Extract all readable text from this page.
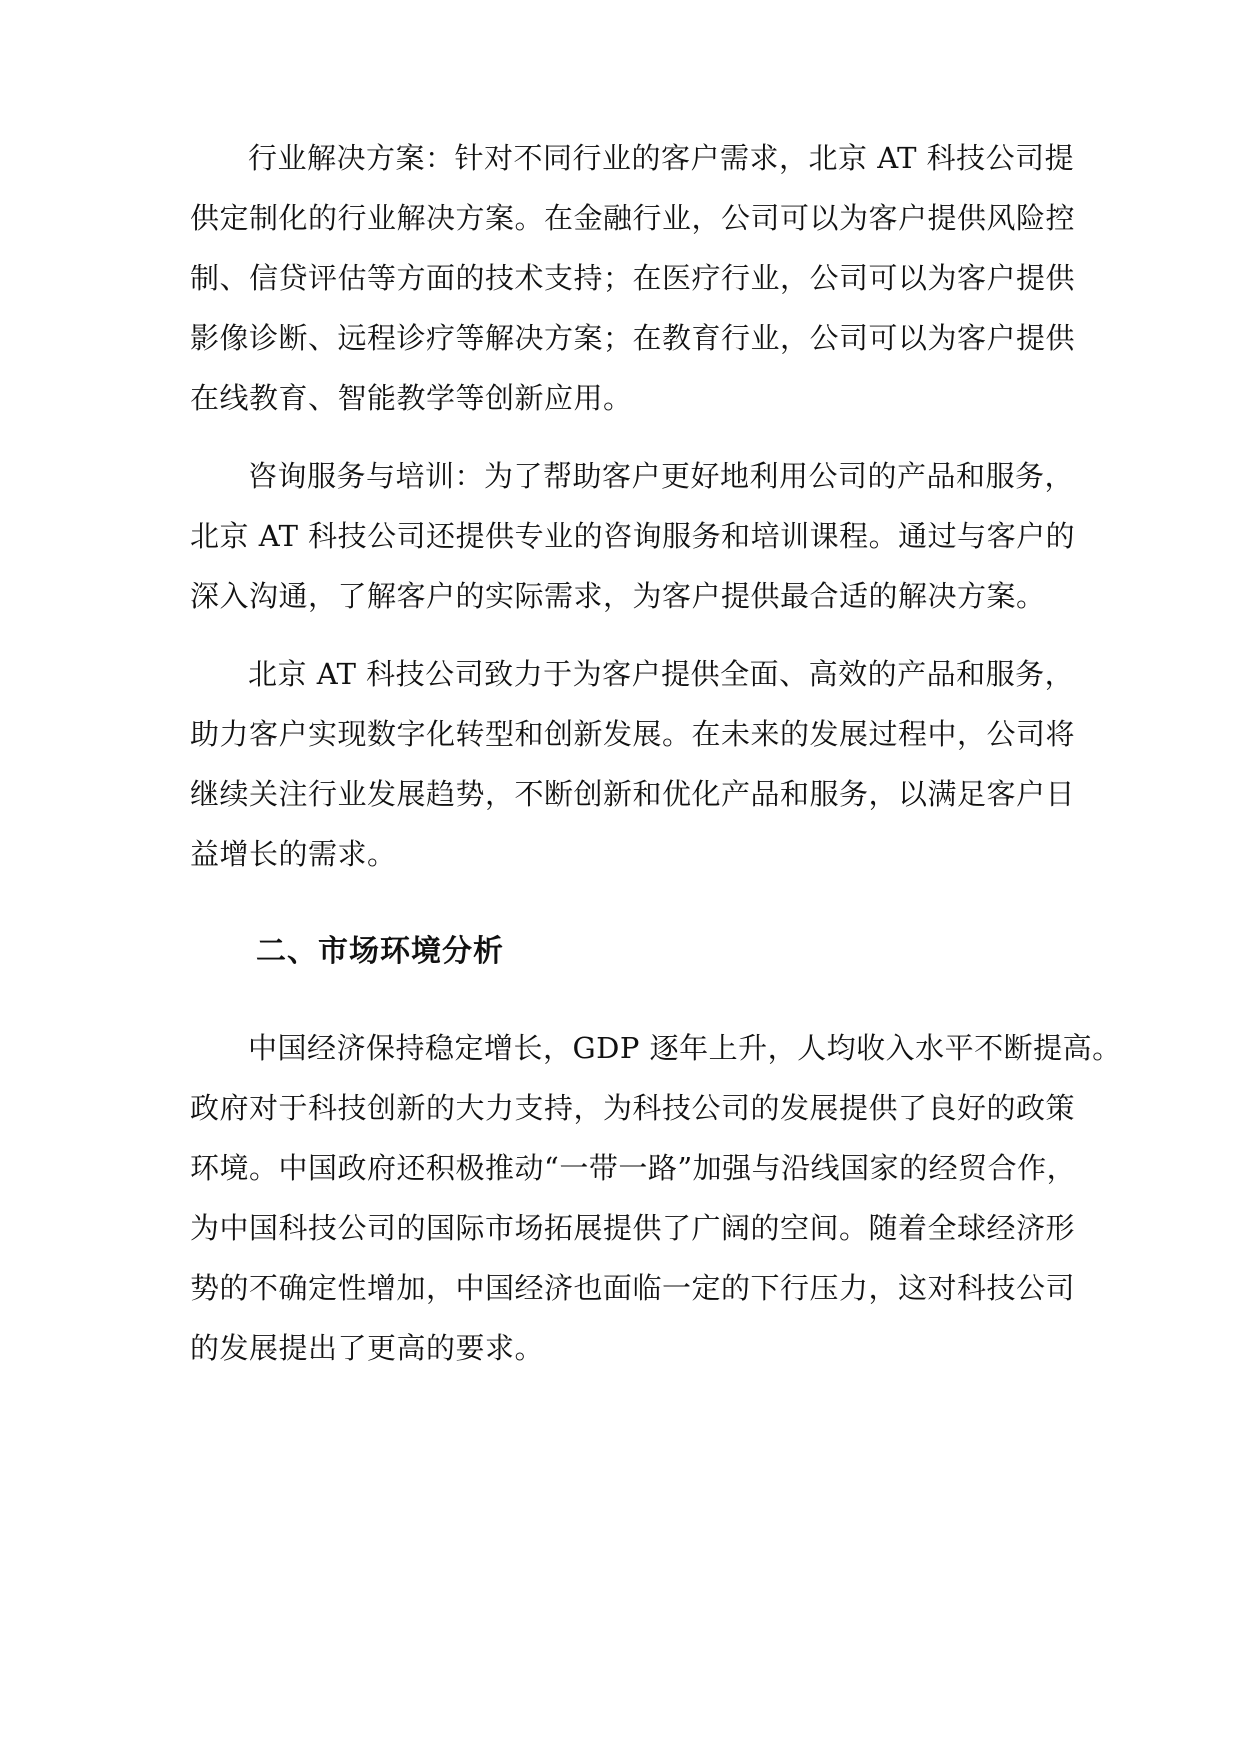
行业解决方案：针对不同行业的客户需求，北京 AT 科技公司提
供定制化的行业解决方案。在金融行业，公司可以为客户提供风险控
制、信贷评估等方面的技术支持；在医疗行业，公司可以为客户提供
影像诊断、远程诊疗等解决方案；在教育行业，公司可以为客户提供
在线教育、智能教学等创新应用。
咨询服务与培训：为了帮助客户更好地利用公司的产品和服务，
北京 AT 科技公司还提供专业的咨询服务和培训课程。通过与客户的
深入沟通，了解客户的实际需求，为客户提供最合适的解决方案。
北京 AT 科技公司致力于为客户提供全面、高效的产品和服务，
助力客户实现数字化转型和创新发展。在未来的发展过程中，公司将
继续关注行业发展趋势，不断创新和优化产品和服务，以满足客户日
益增长的需求。
二、市场环境分析
中国经济保持稳定增长，GDP 逐年上升，人均收入水平不断提高。
政府对于科技创新的大力支持，为科技公司的发展提供了良好的政策
环境。中国政府还积极推动“一带一路”加强与沿线国家的经贸合作，
为中国科技公司的国际市场拓展提供了广阔的空间。随着全球经济形
势的不确定性增加，中国经济也面临一定的下行压力，这对科技公司
的发展提出了更高的要求。
